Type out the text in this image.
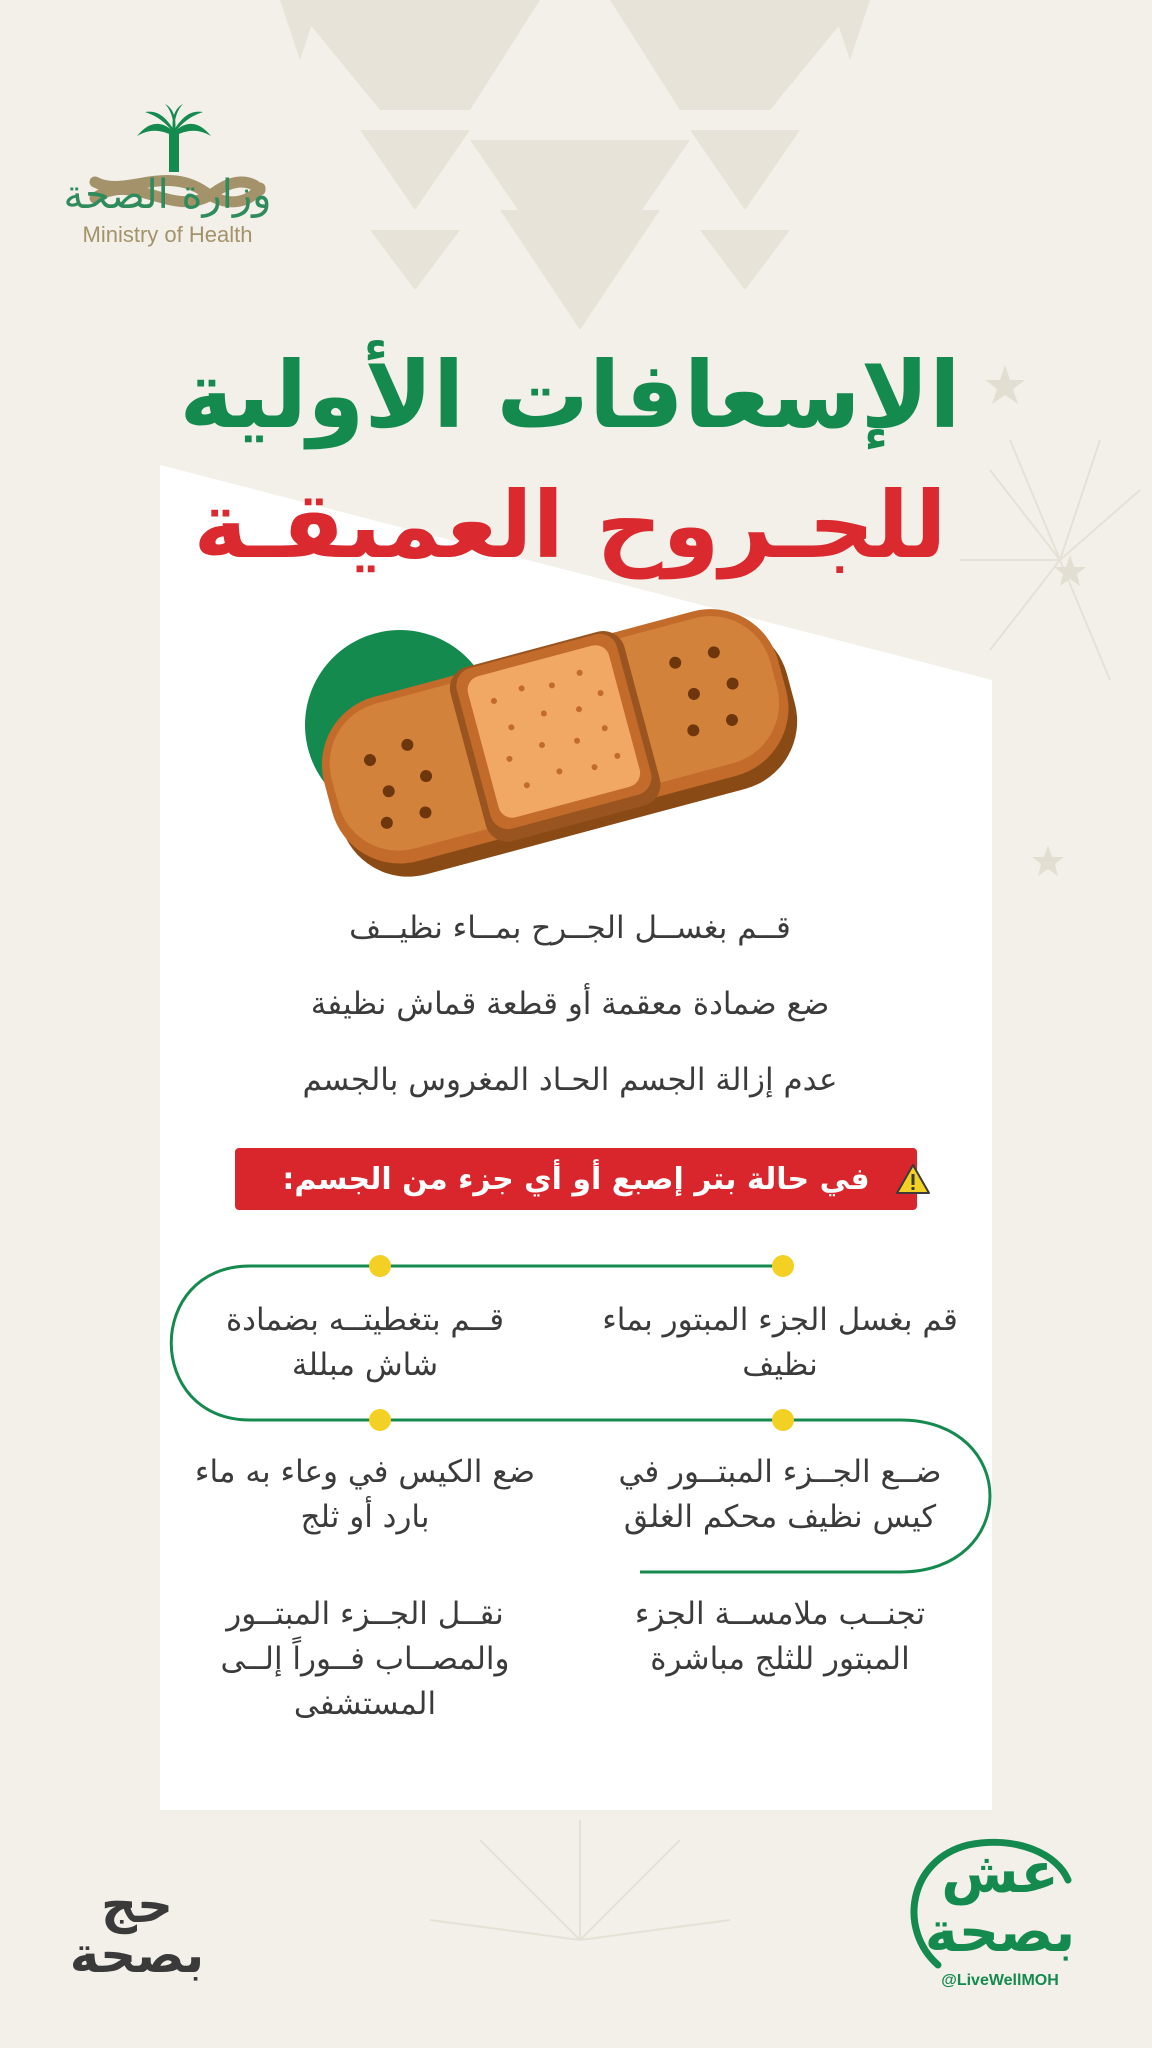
وزارة الصحة
Ministry of Health
الإسعافات الأولية
للجـروح العميقـة
قــم بغســل الجــرح بمــاء نظيــف
ضع ضمادة معقمة أو قطعة قماش نظيفة
عدم إزالة الجسم الحـاد المغروس بالجسم
في حالة بتر إصبع أو أي جزء من الجسم:
قم بغسل الجزء المبتور بماء نظيف
قــم بتغطيتــه بضمادة شاش مبللة
ضــع الجــزء المبتــور في كيس نظيف محكم الغلق
ضع الكيس في وعاء به ماء بارد أو ثلج
تجنــب ملامســة الجزء المبتور للثلج مباشرة
نقــل الجــزء المبتــور والمصــاب فــوراً إلــى المستشفى
حج
بصحة
عش
بصحة
@LiveWellMOH
